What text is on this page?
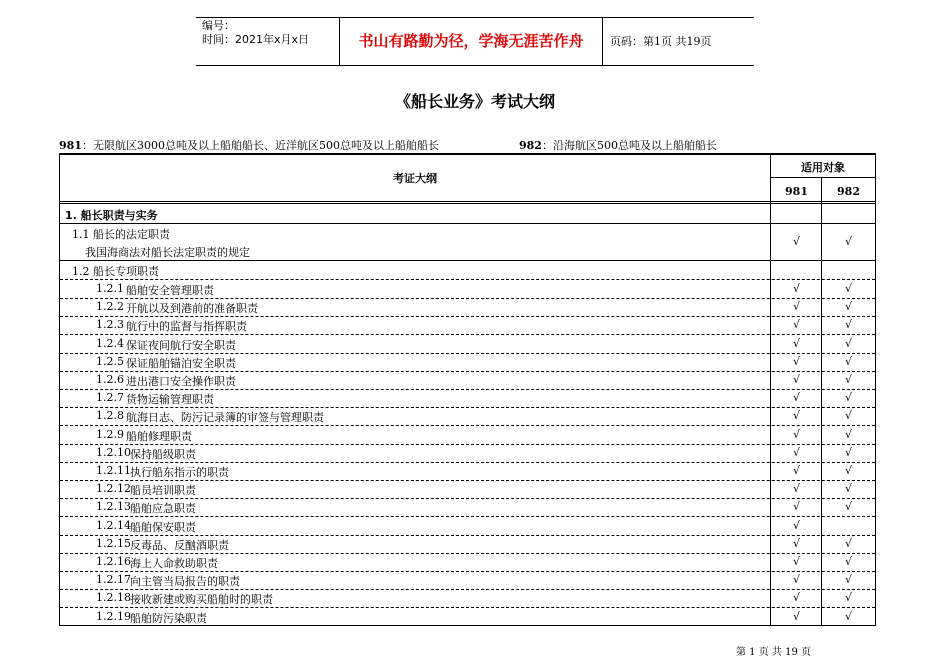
编号：
时间：2021年x月x日	书山有路勤为径，学海无涯苦作舟	页码：第1页 共19页
《船长业务》考试大纲
981：无限航区3000总吨及以上船舶船长、近洋航区500总吨及以上船舶船长	982：沿海航区500总吨及以上船舶船长
考证大纲
适用对象
981	982
1. 船长职责与实务
1.1 船长的法定职责
我国海商法对船长法定职责的规定
√	√
1.2 船长专项职责
1.2.1 船舶安全管理职责	√	√
1.2.2 开航以及到港前的准备职责	√	√
1.2.3 航行中的监督与指挥职责	√	√
1.2.4 保证夜间航行安全职责	√	√
1.2.5 保证船舶锚泊安全职责	√	√
1.2.6 进出港口安全操作职责	√	√
1.2.7 货物运输管理职责	√	√
1.2.8 航海日志、防污记录簿的审签与管理职责	√	√
1.2.9 船舶修理职责	√	√
1.2.10 保持船级职责	√	√
1.2.11 执行船东指示的职责	√	√
1.2.12 船员培训职责	√	√
1.2.13 船舶应急职责	√	√
1.2.14 船舶保安职责	√
1.2.15 反毒品、反酗酒职责	√	√
1.2.16 海上人命救助职责	√	√
1.2.17 向主管当局报告的职责	√	√
1.2.18 接收新建或购买船舶时的职责	√	√
1.2.19 船舶防污染职责	√	√
第 1 页 共 19 页
